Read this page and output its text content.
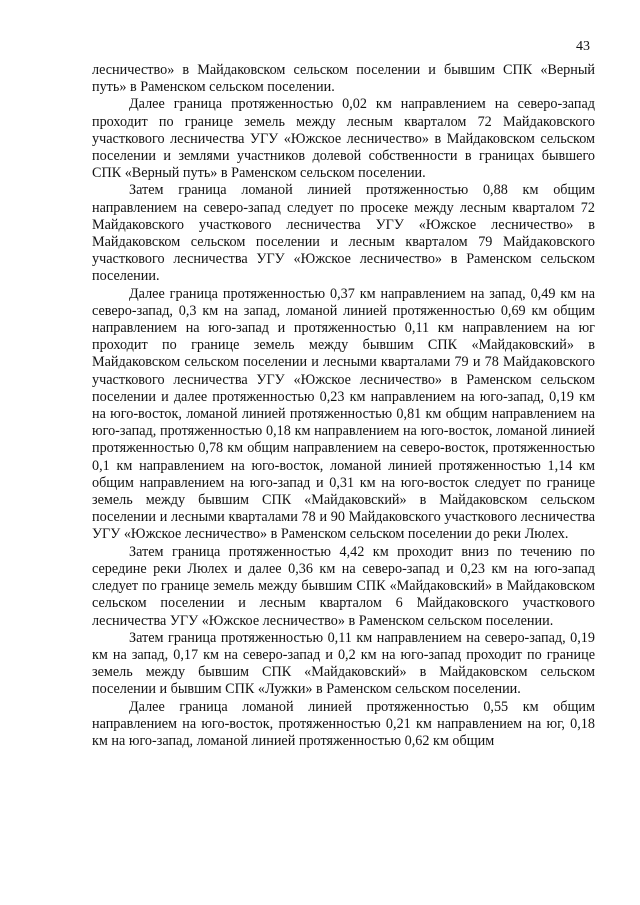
43

лесничество» в Майдаковском сельском поселении и бывшим СПК «Верный путь» в Раменском сельском поселении.

Далее граница протяженностью 0,02 км направлением на северо-запад проходит по границе земель между лесным кварталом 72 Майдаковского участкового лесничества УГУ «Южское лесничество» в Майдаковском сельском поселении и землями участников долевой собственности в границах бывшего СПК «Верный путь» в Раменском сельском поселении.

Затем граница ломаной линией протяженностью 0,88 км общим направлением на северо-запад следует по просеке между лесным кварталом 72 Майдаковского участкового лесничества УГУ «Южское лесничество» в Майдаковском сельском поселении и лесным кварталом 79 Майдаковского участкового лесничества УГУ «Южское лесничество» в Раменском сельском поселении.

Далее граница протяженностью 0,37 км направлением на запад, 0,49 км на северо-запад, 0,3 км на запад, ломаной линией протяженностью 0,69 км общим направлением на юго-запад и протяженностью 0,11 км направлением на юг проходит по границе земель между бывшим СПК «Майдаковский» в Майдаковском сельском поселении и лесными кварталами 79 и 78 Майдаковского участкового лесничества УГУ «Южское лесничество» в Раменском сельском поселении и далее протяженностью 0,23 км направлением на юго-запад, 0,19 км на юго-восток, ломаной линией протяженностью 0,81 км общим направлением на юго-запад, протяженностью 0,18 км направлением на юго-восток, ломаной линией протяженностью 0,78 км общим направлением на северо-восток, протяженностью 0,1 км направлением на юго-восток, ломаной линией протяженностью 1,14 км общим направлением на юго-запад и 0,31 км на юго-восток следует по границе земель между бывшим СПК «Майдаковский» в Майдаковском сельском поселении и лесными кварталами 78 и 90 Майдаковского участкового лесничества УГУ «Южское лесничество» в Раменском сельском поселении до реки Люлех.

Затем граница протяженностью 4,42 км проходит вниз по течению по середине реки Люлех и далее 0,36 км на северо-запад и 0,23 км на юго-запад следует по границе земель между бывшим СПК «Майдаковский» в Майдаковском сельском поселении и лесным кварталом 6 Майдаковского участкового лесничества УГУ «Южское лесничество» в Раменском сельском поселении.

Затем граница протяженностью 0,11 км направлением на северо-запад, 0,19 км на запад, 0,17 км на северо-запад и 0,2 км на юго-запад проходит по границе земель между бывшим СПК «Майдаковский» в Майдаковском сельском поселении и бывшим СПК «Лужки» в Раменском сельском поселении.

Далее граница ломаной линией протяженностью 0,55 км общим направлением на юго-восток, протяженностью 0,21 км направлением на юг, 0,18 км на юго-запад, ломаной линией протяженностью 0,62 км общим
